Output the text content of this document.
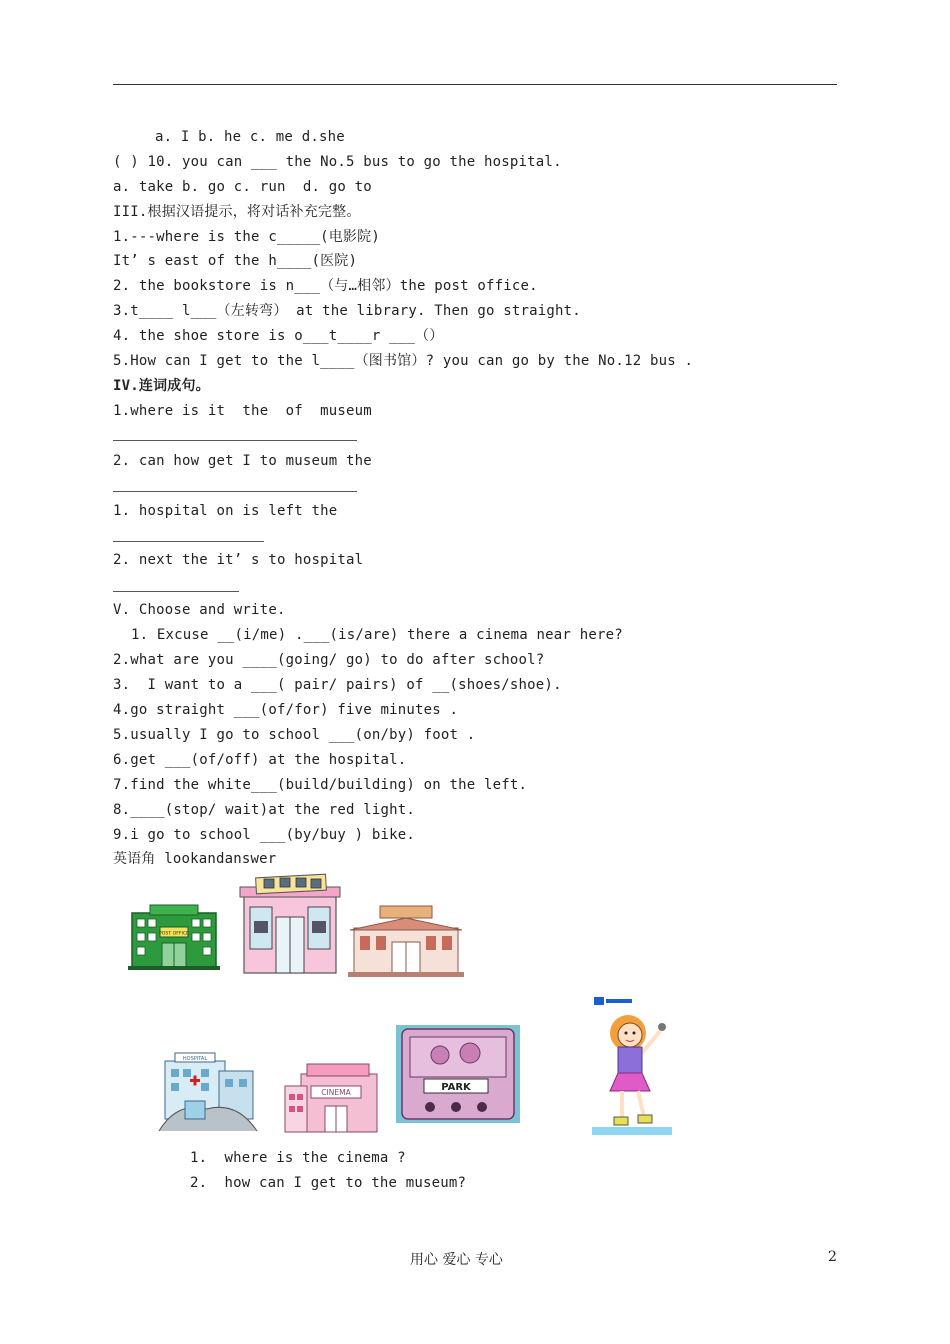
a. I b. he c. me d.she
( ) 10. you can ___ the No.5 bus to go the hospital.
a. take b. go c. run  d. go to
III.根据汉语提示，将对话补充完整。
1.---where is the c_____(电影院)
It’ s east of the h____(医院)
2. the bookstore is n___（与…相邻）the post office.
3.t____ l___（左转弯） at the library. Then go straight.
4. the shoe store is o___t____r ___（）
5.How can I get to the l____（图书馆）? you can go by the No.12 bus .
IV.连词成句。
1.where is it  the  of  museum
2. can how get I to museum the
1. hospital on is left the
2. next the it’ s to hospital
V. Choose and write.
1. Excuse __(i/me) .___(is/are) there a cinema near here?
2.what are you ____(going/ go) to do after school?
3.  I want to a ___( pair/ pairs) of __(shoes/shoe).
4.go straight ___(of/for) five minutes .
5.usually I go to school ___(on/by) foot .
6.get ___(of/off) at the hospital.
7.find the white___(build/building) on the left.
8.____(stop/ wait)at the red light.
9.i go to school ___(by/buy ) bike.
英语角 lookandanswer
1.  where is the cinema ?
2.  how can I get to the museum?
POST OFFICE
HOSPITAL
CINEMA	PARK
用心 爱心 专心	2
